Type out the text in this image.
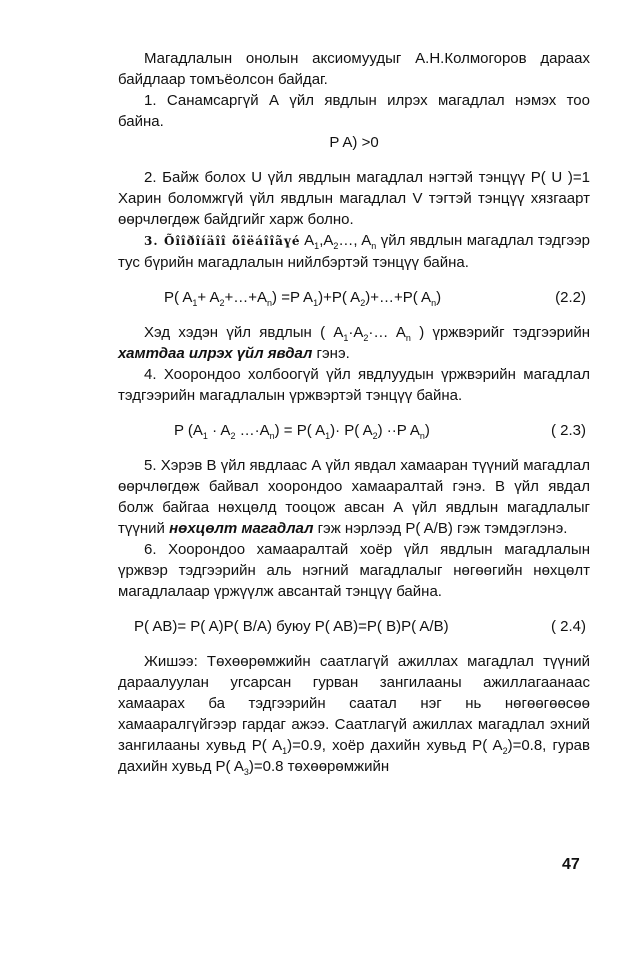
Магадлалын онолын аксиомуудыг А.Н.Колмогоров дараах байдлаар томъёолсон байдаг.

1. Санамсаргүй А үйл явдлын илрэх магадлал нэмэх тоо байна.

P A) >0

2. Байж болох U үйл явдлын магадлал нэгтэй тэнцүү P( U )=1 Харин боломжгүй үйл явдлын магадлал V тэгтэй тэнцүү хязгаарт өөрчлөгдөж байдгийг харж болно.

3. Õîîðîíäîî õîëáîîãүé $A_1,A_2\dots$, $A_n$ үйл явдлын магадлал тэдгээр тус бүрийн магадлалын нийлбэртэй тэнцүү байна.

P( $A_1+$ $A_2+\dots+A_n) =P$ $A_1)+P$( $A_2)+\dots+P$( $A_n$)	(2.2)

Хэд хэдэн үйл явдлын ( $A_1\cdot A_2\cdot\dots$ $A_n$ ) үржвэрийг тэдгээрийн хамтдаа илрэх үйл явдал гэнэ.

4. Хоорондоо холбоогүй үйл явдлуудын үржвэрийн магадлал тэдгээрийн магадлалын үржвэртэй тэнцүү байна.

P ($A_1 \cdot A_2$ $\dots\cdot A_n) = P$( $A_1)\cdot P$( $A_2) \cdot\cdot P$ $A_n$)	( 2.3)

5. Хэрэв В үйл явдлаас А үйл явдал хамааран түүний магадлал өөрчлөгдөж байвал хоорондоо хамааралтай гэнэ. В үйл явдал болж байгаа нөхцөлд тооцож авсан А үйл явдлын магадлалыг түүний нөхцөлт магадлал гэж нэрлээд P( A/B) гэж тэмдэглэнэ.

6. Хоорондоо хамааралтай хоёр үйл явдлын магадлалын үржвэр тэдгээрийн аль нэгний магадлалыг нөгөөгийн нөхцөлт магадлалаар үржүүлж авсантай тэнцүү байна.

P( AB)= P( A)P( B/A) буюу P( AB)=P( B)P( A/B)	( 2.4)

Жишээ: Төхөөрөмжийн саатлагүй ажиллах магадлал түүний дараалуулан угсарсан гурван зангилааны ажиллагаанаас хамаарах ба тэдгээрийн саатал нэг нь нөгөөгөөсөө хамааралгүйгээр гардаг ажээ. Саатлагүй ажиллах магадлал эхний зангилааны хувьд P( $A_1)=0.9$, хоёр дахийн хувьд P( $A_2)=0.8$, гурав дахийн хувьд P( $A_3)=0.8$ төхөөрөмжийн

47
